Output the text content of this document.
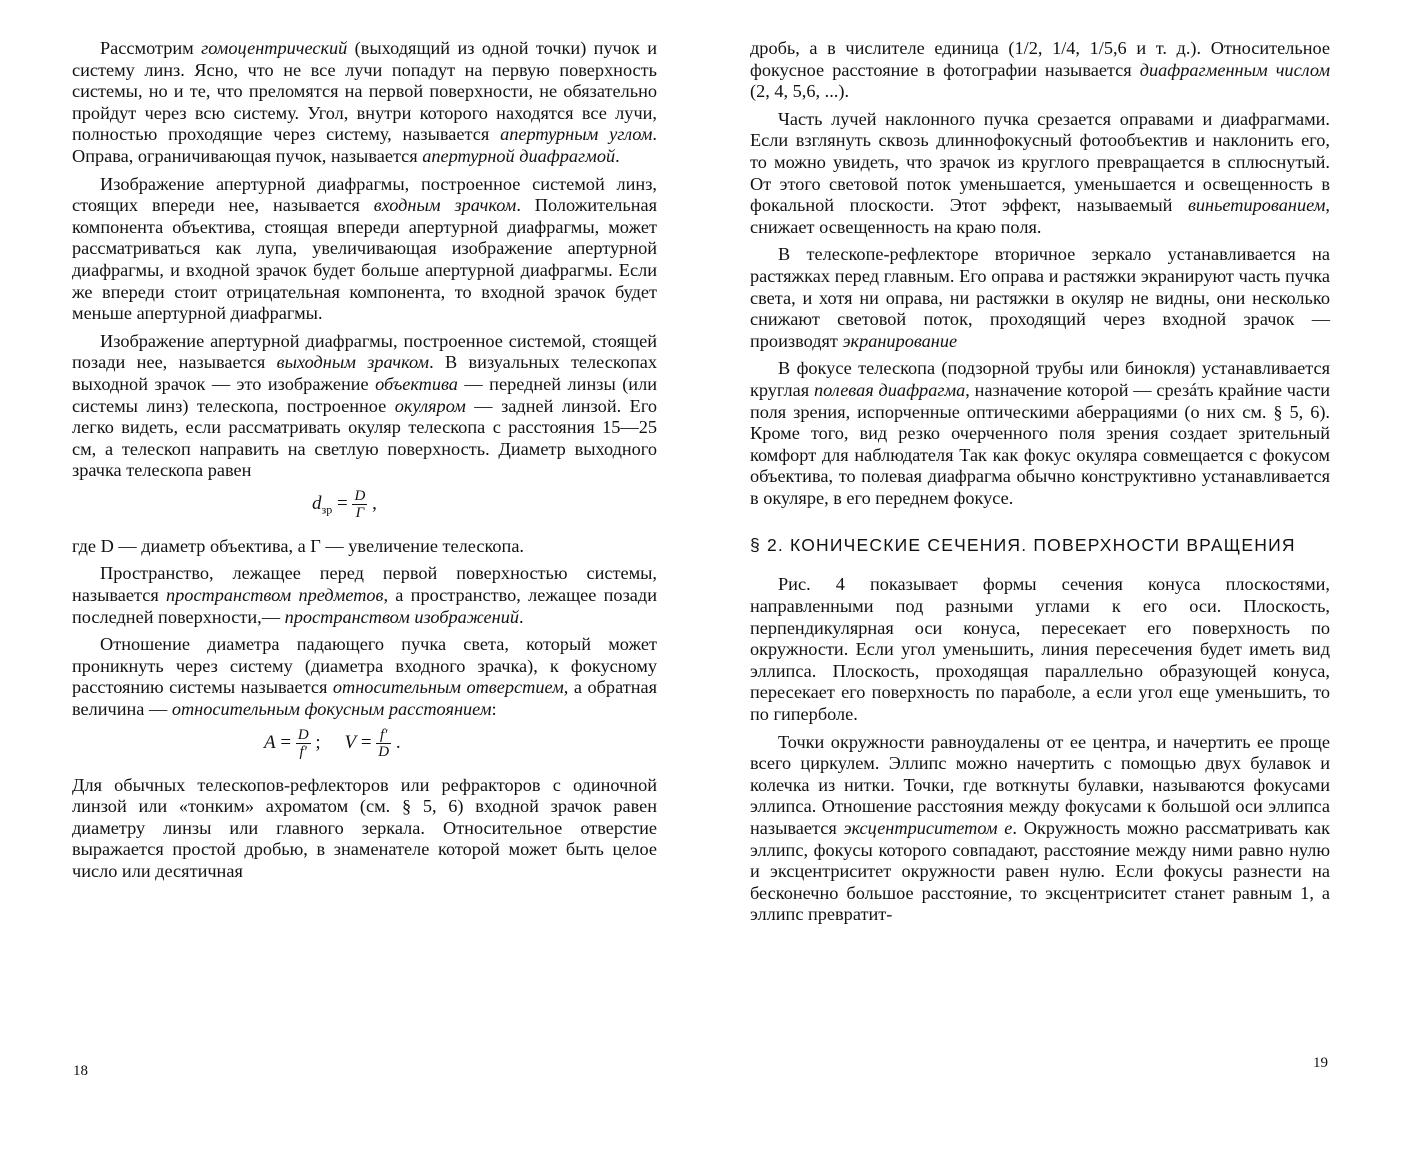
Рассмотрим гомоцентрический (выходящий из одной точки) пучок и систему линз. Ясно, что не все лучи попадут на первую поверхность системы, но и те, что преломятся на первой поверхности, не обязательно пройдут через всю систему. Угол, внутри которого находятся все лучи, полностью проходящие через систему, называется апертурным углом. Оправа, ограничивающая пучок, называется апертурной диафрагмой.

Изображение апертурной диафрагмы, построенное системой линз, стоящих впереди нее, называется входным зрачком. Положительная компонента объектива, стоящая впереди апертурной диафрагмы, может рассматриваться как лупа, увеличивающая изображение апертурной диафрагмы, и входной зрачок будет больше апертурной диафрагмы. Если же впереди стоит отрицательная компонента, то входной зрачок будет меньше апертурной диафрагмы.

Изображение апертурной диафрагмы, построенное системой, стоящей позади нее, называется выходным зрачком. В визуальных телескопах выходной зрачок — это изображение объектива — передней линзы (или системы линз) телескопа, построенное окуляром — задней линзой. Его легко видеть, если рассматривать окуляр телескопа с расстояния 15—25 см, а телескоп направить на светлую поверхность. Диаметр выходного зрачка телескопа равен

$d_{зр} = \frac{D}{Г}$ ,

где D — диаметр объектива, а Г — увеличение телескопа.

Пространство, лежащее перед первой поверхностью системы, называется пространством предметов, а пространство, лежащее позади последней поверхности,— пространством изображений.

Отношение диаметра падающего пучка света, который может проникнуть через систему (диаметра входного зрачка), к фокусному расстоянию системы называется относительным отверстием, а обратная величина — относительным фокусным расстоянием:

$A = \frac{D}{f'}$ ; $V = \frac{f'}{D}$ .

Для обычных телескопов-рефлекторов или рефракторов с одиночной линзой или «тонким» ахроматом (см. § 5, 6) входной зрачок равен диаметру линзы или главного зеркала. Относительное отверстие выражается простой дробью, в знаменателе которой может быть целое число или десятичная

18

дробь, а в числителе единица (1/2, 1/4, 1/5,6 и т. д.). Относительное фокусное расстояние в фотографии называется диафрагменным числом (2, 4, 5,6, ...).

Часть лучей наклонного пучка срезается оправами и диафрагмами. Если взглянуть сквозь длиннофокусный фотообъектив и наклонить его, то можно увидеть, что зрачок из круглого превращается в сплюснутый. От этого световой поток уменьшается, уменьшается и освещенность в фокальной плоскости. Этот эффект, называемый виньетированием, снижает освещенность на краю поля.

В телескопе-рефлекторе вторичное зеркало устанавливается на растяжках перед главным. Его оправа и растяжки экранируют часть пучка света, и хотя ни оправа, ни растяжки в окуляр не видны, они несколько снижают световой поток, проходящий через входной зрачок — производят экранирование

В фокусе телескопа (подзорной трубы или бинокля) устанавливается круглая полевая диафрагма, назначение которой — срезáть крайние части поля зрения, испорченные оптическими аберрациями (о них см. § 5, 6). Кроме того, вид резко очерченного поля зрения создает зрительный комфорт для наблюдателя Так как фокус окуляра совмещается с фокусом объектива, то полевая диафрагма обычно конструктивно устанавливается в окуляре, в его переднем фокусе.

§ 2. КОНИЧЕСКИЕ СЕЧЕНИЯ. ПОВЕРХНОСТИ ВРАЩЕНИЯ

Рис. 4 показывает формы сечения конуса плоскостями, направленными под разными углами к его оси. Плоскость, перпендикулярная оси конуса, пересекает его поверхность по окружности. Если угол уменьшить, линия пересечения будет иметь вид эллипса. Плоскость, проходящая параллельно образующей конуса, пересекает его поверхность по параболе, а если угол еще уменьшить, то по гиперболе.

Точки окружности равноудалены от ее центра, и начертить ее проще всего циркулем. Эллипс можно начертить с помощью двух булавок и колечка из нитки. Точки, где воткнуты булавки, называются фокусами эллипса. Отношение расстояния между фокусами к большой оси эллипса называется эксцентриситетом e. Окружность можно рассматривать как эллипс, фокусы которого совпадают, расстояние между ними равно нулю и эксцентриситет окружности равен нулю. Если фокусы разнести на бесконечно большое расстояние, то эксцентриситет станет равным 1, а эллипс превратит-

19
